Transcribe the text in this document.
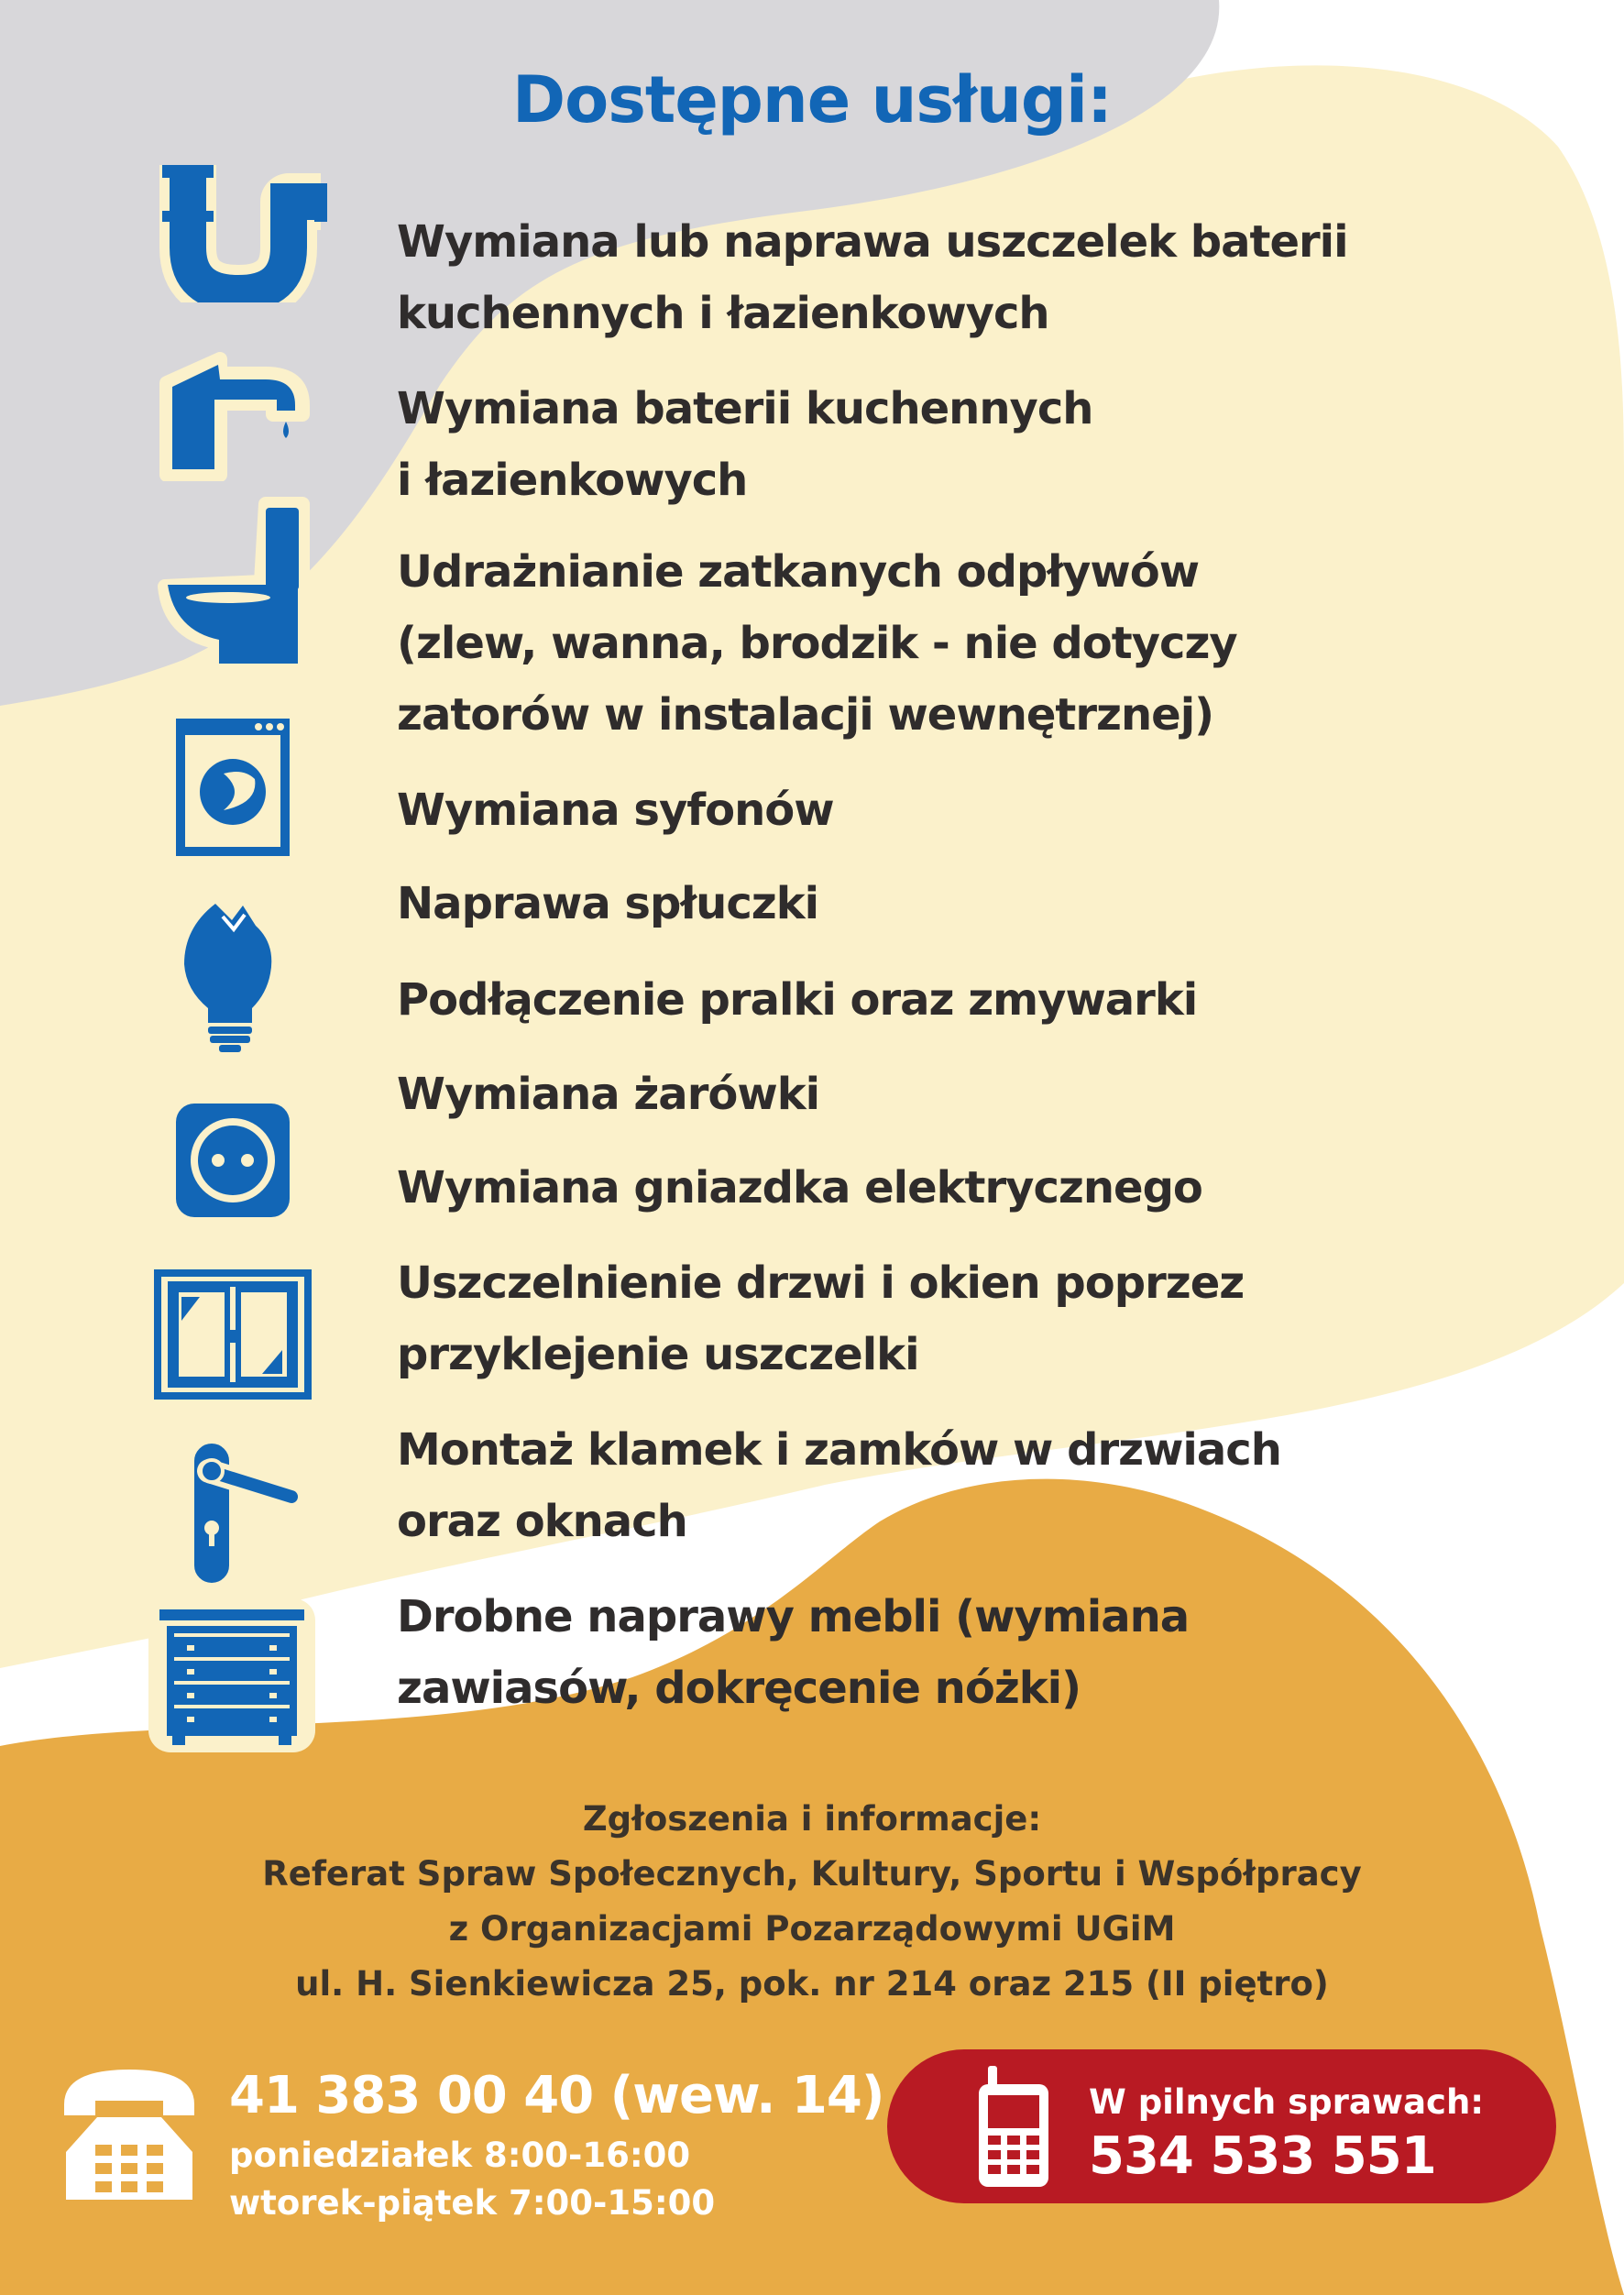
Dostępne usługi:
Wymiana lub naprawa uszczelek baterii
kuchennych i łazienkowych
Wymiana baterii kuchennych
i łazienkowych
Udrażnianie zatkanych odpływów
(zlew, wanna, brodzik - nie dotyczy
zatorów w instalacji wewnętrznej)
Wymiana syfonów
Naprawa spłuczki
Podłączenie pralki oraz zmywarki
Wymiana żarówki
Wymiana gniazdka elektrycznego
Uszczelnienie drzwi i okien poprzez
przyklejenie uszczelki
Montaż klamek i zamków w drzwiach
oraz oknach
Drobne naprawy mebli (wymiana
zawiasów, dokręcenie nóżki)
Zgłoszenia i informacje:
Referat Spraw Społecznych, Kultury, Sportu i Współpracy
z Organizacjami Pozarządowymi UGiM
ul. H. Sienkiewicza 25, pok. nr 214 oraz 215 (II piętro)
41 383 00 40 (wew. 14)
poniedziałek 8:00-16:00
wtorek-piątek 7:00-15:00
W pilnych sprawach:
534 533 551
